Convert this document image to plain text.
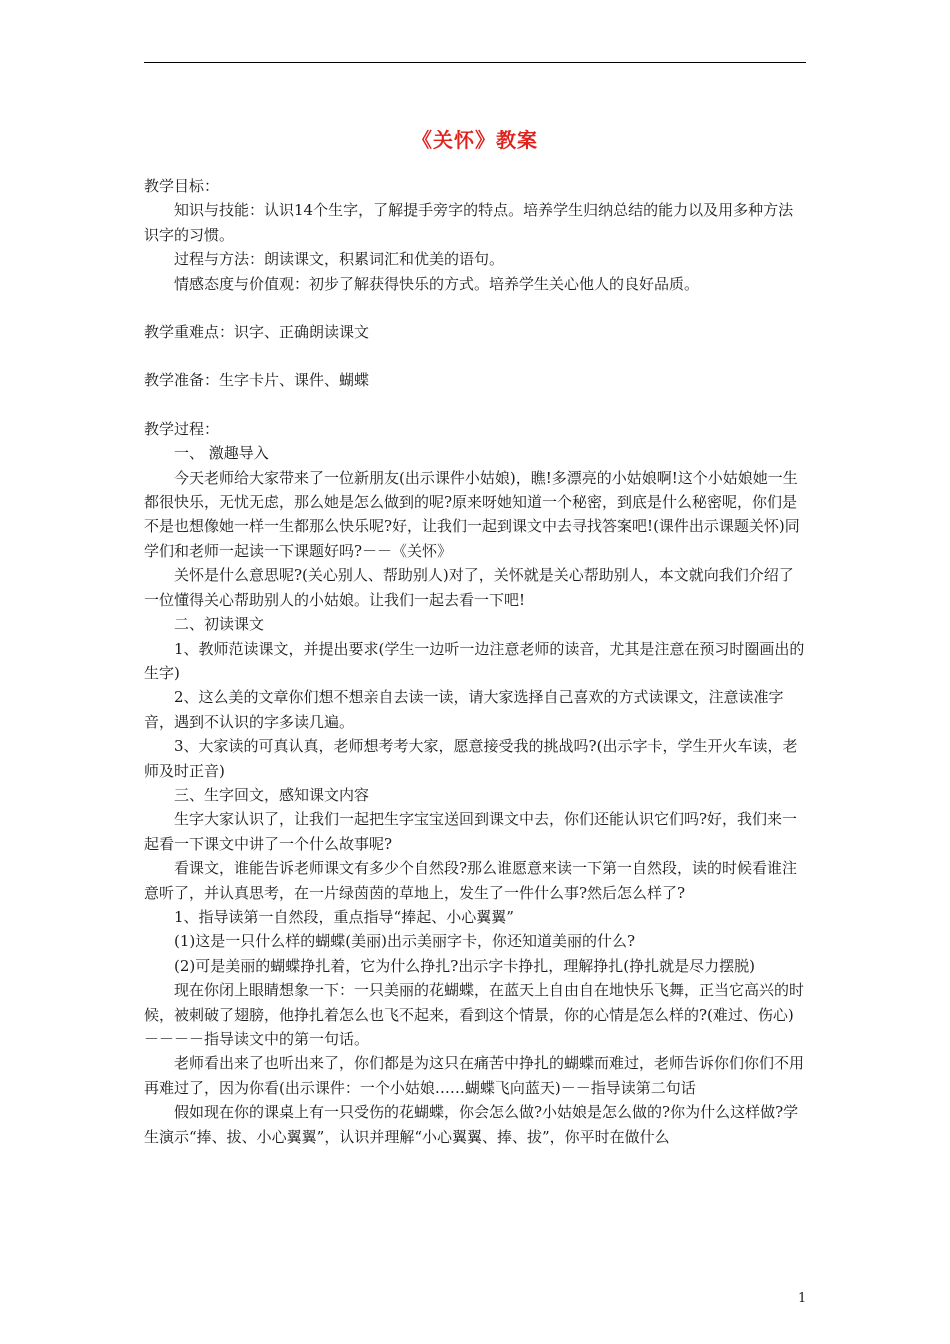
《关怀》教案

教学目标：

知识与技能：认识14个生字，了解提手旁字的特点。培养学生归纳总结的能力以及用多种方法识字的习惯。

过程与方法：朗读课文，积累词汇和优美的语句。

情感态度与价值观：初步了解获得快乐的方式。培养学生关心他人的良好品质。

教学重难点：识字、正确朗读课文

教学准备：生字卡片、课件、蝴蝶

教学过程：

一、 激趣导入

今天老师给大家带来了一位新朋友(出示课件小姑娘)，瞧!多漂亮的小姑娘啊!这个小姑娘她一生都很快乐，无忧无虑，那么她是怎么做到的呢?原来呀她知道一个秘密，到底是什么秘密呢，你们是不是也想像她一样一生都那么快乐呢?好，让我们一起到课文中去寻找答案吧!(课件出示课题关怀)同学们和老师一起读一下课题好吗?－－《关怀》

关怀是什么意思呢?(关心别人、帮助别人)对了，关怀就是关心帮助别人，本文就向我们介绍了一位懂得关心帮助别人的小姑娘。让我们一起去看一下吧!

二、初读课文

1、教师范读课文，并提出要求(学生一边听一边注意老师的读音，尤其是注意在预习时圈画出的生字)

2、这么美的文章你们想不想亲自去读一读，请大家选择自己喜欢的方式读课文，注意读准字音，遇到不认识的字多读几遍。

3、大家读的可真认真，老师想考考大家，愿意接受我的挑战吗?(出示字卡，学生开火车读，老师及时正音)

三、生字回文，感知课文内容

生字大家认识了，让我们一起把生字宝宝送回到课文中去，你们还能认识它们吗?好，我们来一起看一下课文中讲了一个什么故事呢?

看课文，谁能告诉老师课文有多少个自然段?那么谁愿意来读一下第一自然段，读的时候看谁注意听了，并认真思考，在一片绿茵茵的草地上，发生了一件什么事?然后怎么样了?

1、指导读第一自然段，重点指导“捧起、小心翼翼”

(1)这是一只什么样的蝴蝶(美丽)出示美丽字卡，你还知道美丽的什么?

(2)可是美丽的蝴蝶挣扎着，它为什么挣扎?出示字卡挣扎，理解挣扎(挣扎就是尽力摆脱)

现在你闭上眼睛想象一下：一只美丽的花蝴蝶，在蓝天上自由自在地快乐飞舞，正当它高兴的时候，被刺破了翅膀，他挣扎着怎么也飞不起来，看到这个情景，你的心情是怎么样的?(难过、伤心)－－－－指导读文中的第一句话。

老师看出来了也听出来了，你们都是为这只在痛苦中挣扎的蝴蝶而难过，老师告诉你们你们不用再难过了，因为你看(出示课件：一个小姑娘……蝴蝶飞向蓝天)－－指导读第二句话

假如现在你的课桌上有一只受伤的花蝴蝶，你会怎么做?小姑娘是怎么做的?你为什么这样做?学生演示“捧、拔、小心翼翼”，认识并理解“小心翼翼、捧、拔”，你平时在做什么

1
